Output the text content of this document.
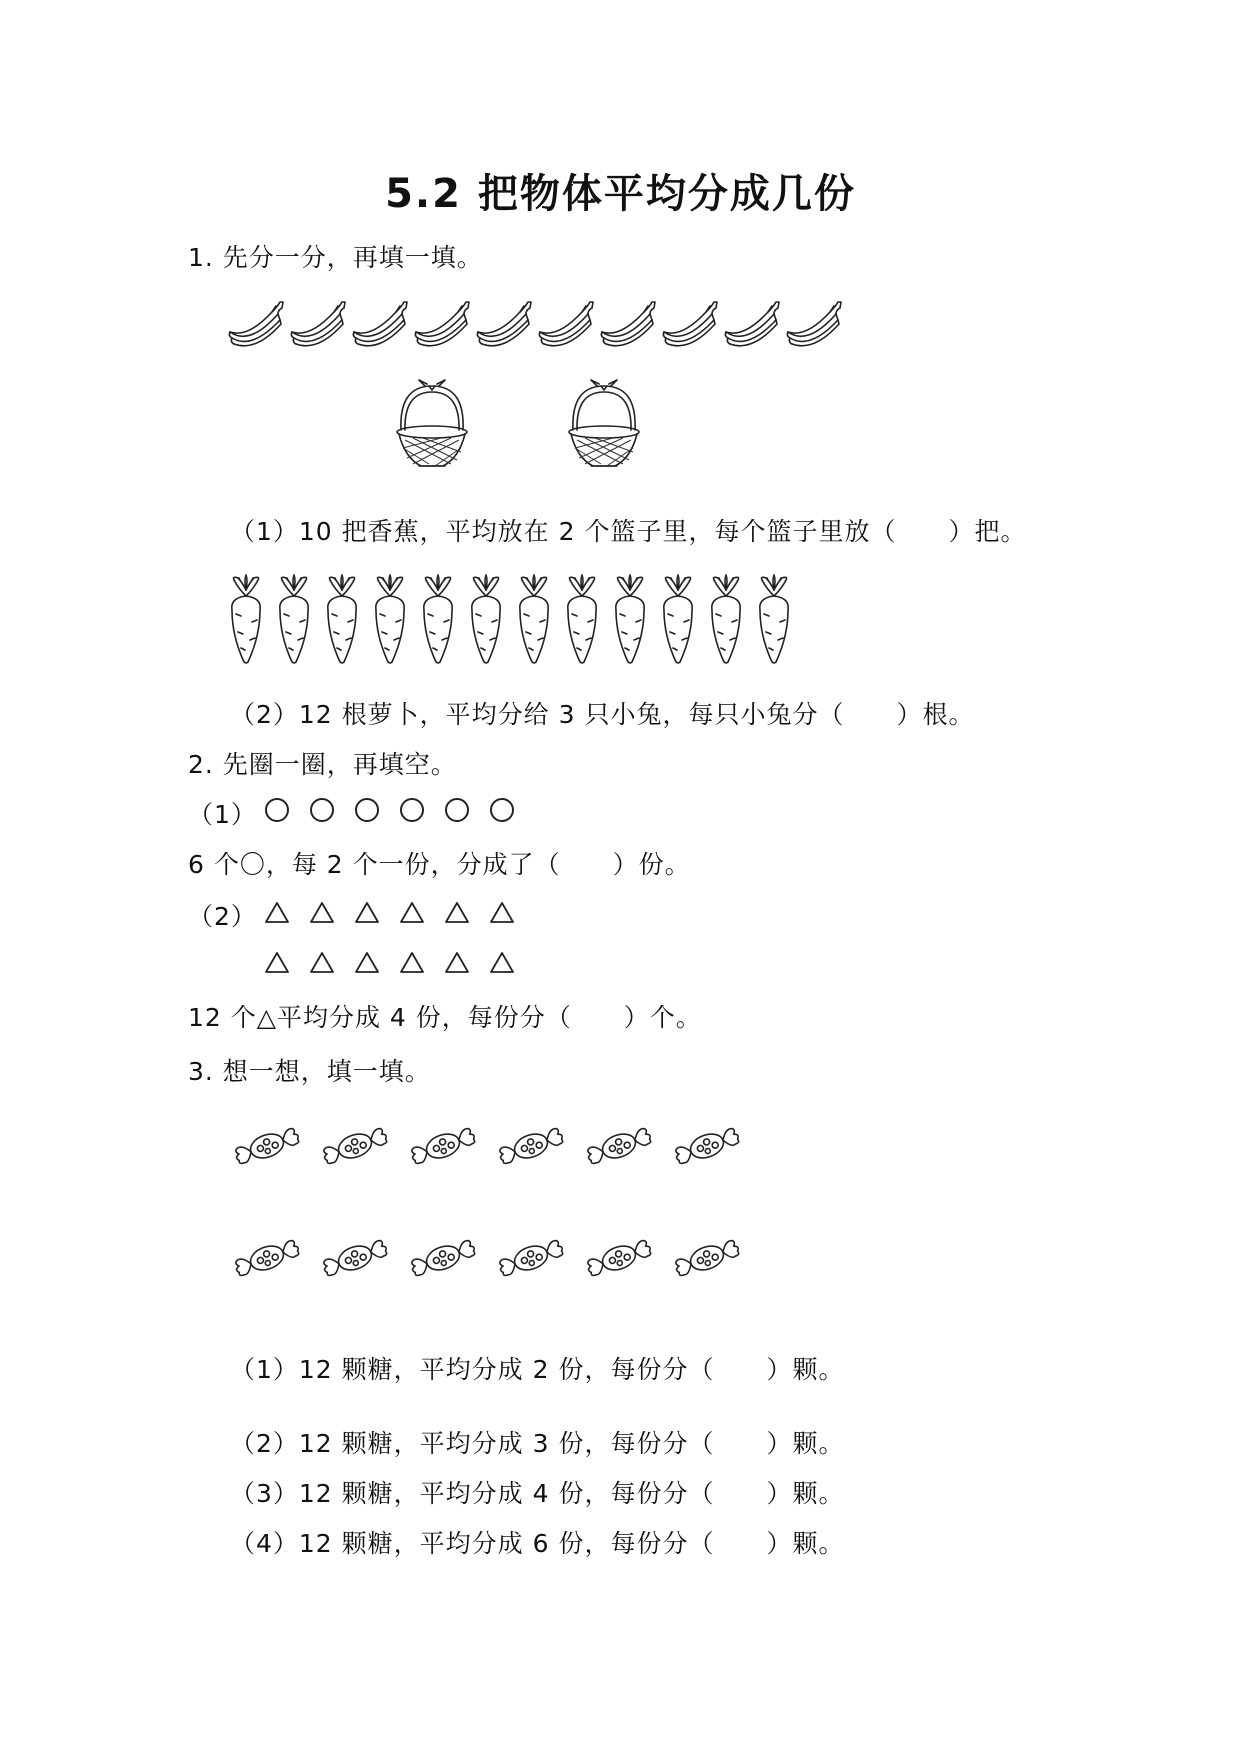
5.2 把物体平均分成几份
1. 先分一分，再填一填。
（1）10 把香蕉，平均放在 2 个篮子里，每个篮子里放（　　）把。
（2）12 根萝卜，平均分给 3 只小兔，每只小兔分（　　）根。
2. 先圈一圈，再填空。
（1）
6 个〇，每 2 个一份，分成了（　　）份。
（2）
12 个△平均分成 4 份，每份分（　　）个。
3. 想一想，填一填。
（1）12 颗糖，平均分成 2 份，每份分（　　）颗。
（2）12 颗糖，平均分成 3 份，每份分（　　）颗。
（3）12 颗糖，平均分成 4 份，每份分（　　）颗。
（4）12 颗糖，平均分成 6 份，每份分（　　）颗。
